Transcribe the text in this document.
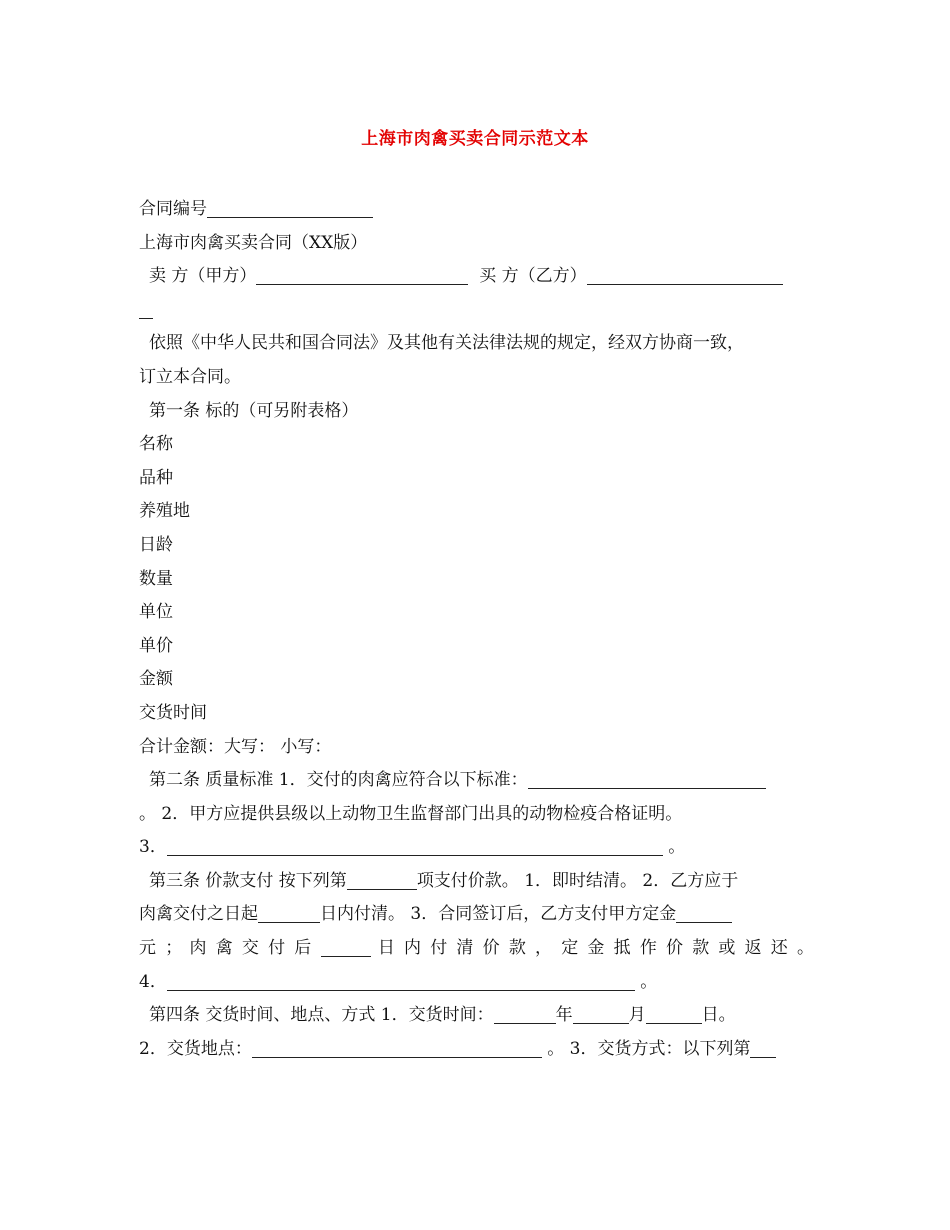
上海市肉禽买卖合同示范文本
合同编号
上海市肉禽买卖合同（XX版）
卖 方（甲方）	买 方（乙方）
依照《中华人民共和国合同法》及其他有关法律法规的规定，经双方协商一致，
订立本合同。
第一条 标的（可另附表格）
名称
品种
养殖地
日龄
数量
单位
单价
金额
交货时间
合计金额：大写： 小写：
第二条 质量标准 1．交付的肉禽应符合以下标准：
。 2．甲方应提供县级以上动物卫生监督部门出具的动物检疫合格证明。
3．	。
第三条 价款支付 按下列第	项支付价款。 1．即时结清。 2．乙方应于
肉禽交付之日起	日内付清。 3．合同签订后，乙方支付甲方定金
元 ； 肉 禽 交 付 后	日 内 付 清 价 款 ， 定 金 抵 作 价 款 或 返 还 。
4．	。
第四条 交货时间、地点、方式 1．交货时间：	年	月	日。
2．交货地点：	。 3．交货方式：以下列第
